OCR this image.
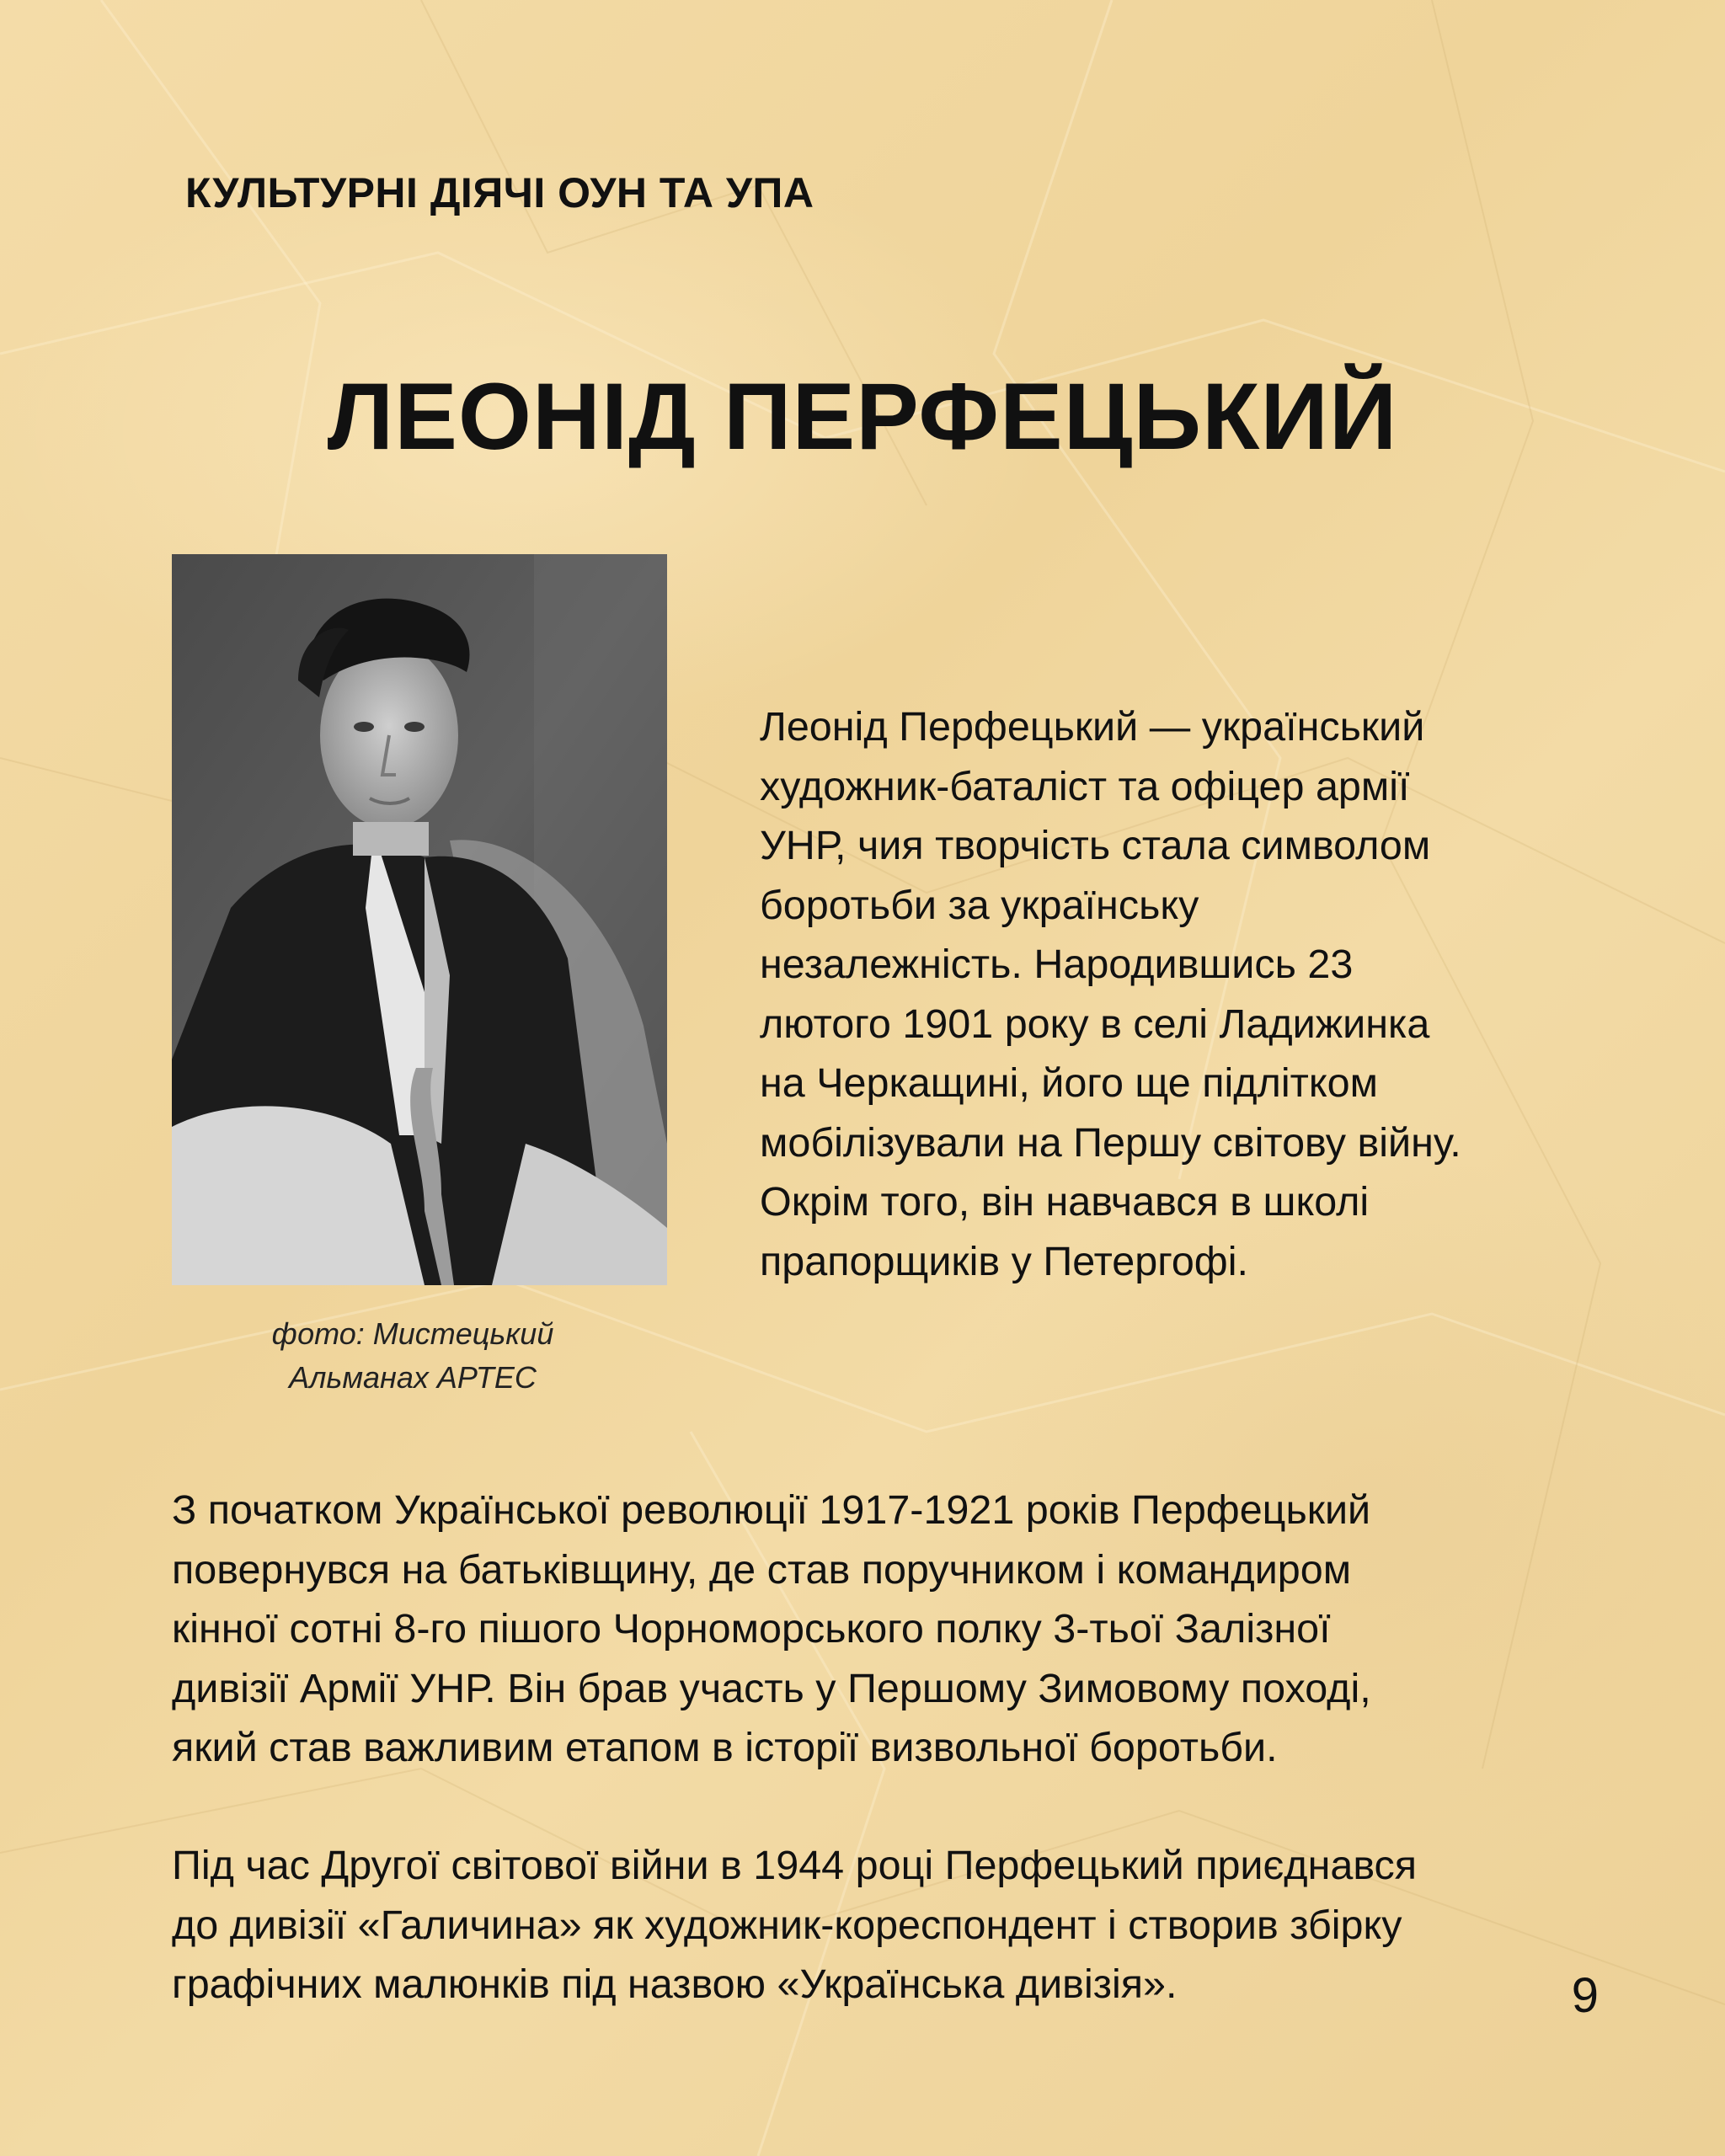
КУЛЬТУРНІ ДІЯЧІ ОУН ТА УПА
ЛЕОНІД ПЕРФЕЦЬКИЙ
фото: Мистецький
Альманах АРТЕС
Леонід Перфецький — український
художник-баталіст та офіцер армії
УНР, чия творчість стала символом
боротьби за українську
незалежність. Народившись 23
лютого 1901 року в селі Ладижинка
на Черкащині, його ще підлітком
мобілізували на Першу світову війну.
Окрім того, він навчався в школі
прапорщиків у Петергофі.
З початком Української революції 1917-1921 років Перфецький
повернувся на батьківщину, де став поручником і командиром
кінної сотні 8-го пішого Чорноморського полку 3-тьої Залізної
дивізії Армії УНР. Він брав участь у Першому Зимовому поході,
який став важливим етапом в історії визвольної боротьби.
Під час Другої світової війни в 1944 році Перфецький приєднався
до дивізії «Галичина» як художник-кореспондент і створив збірку
графічних малюнків під назвою «Українська дивізія».	9
